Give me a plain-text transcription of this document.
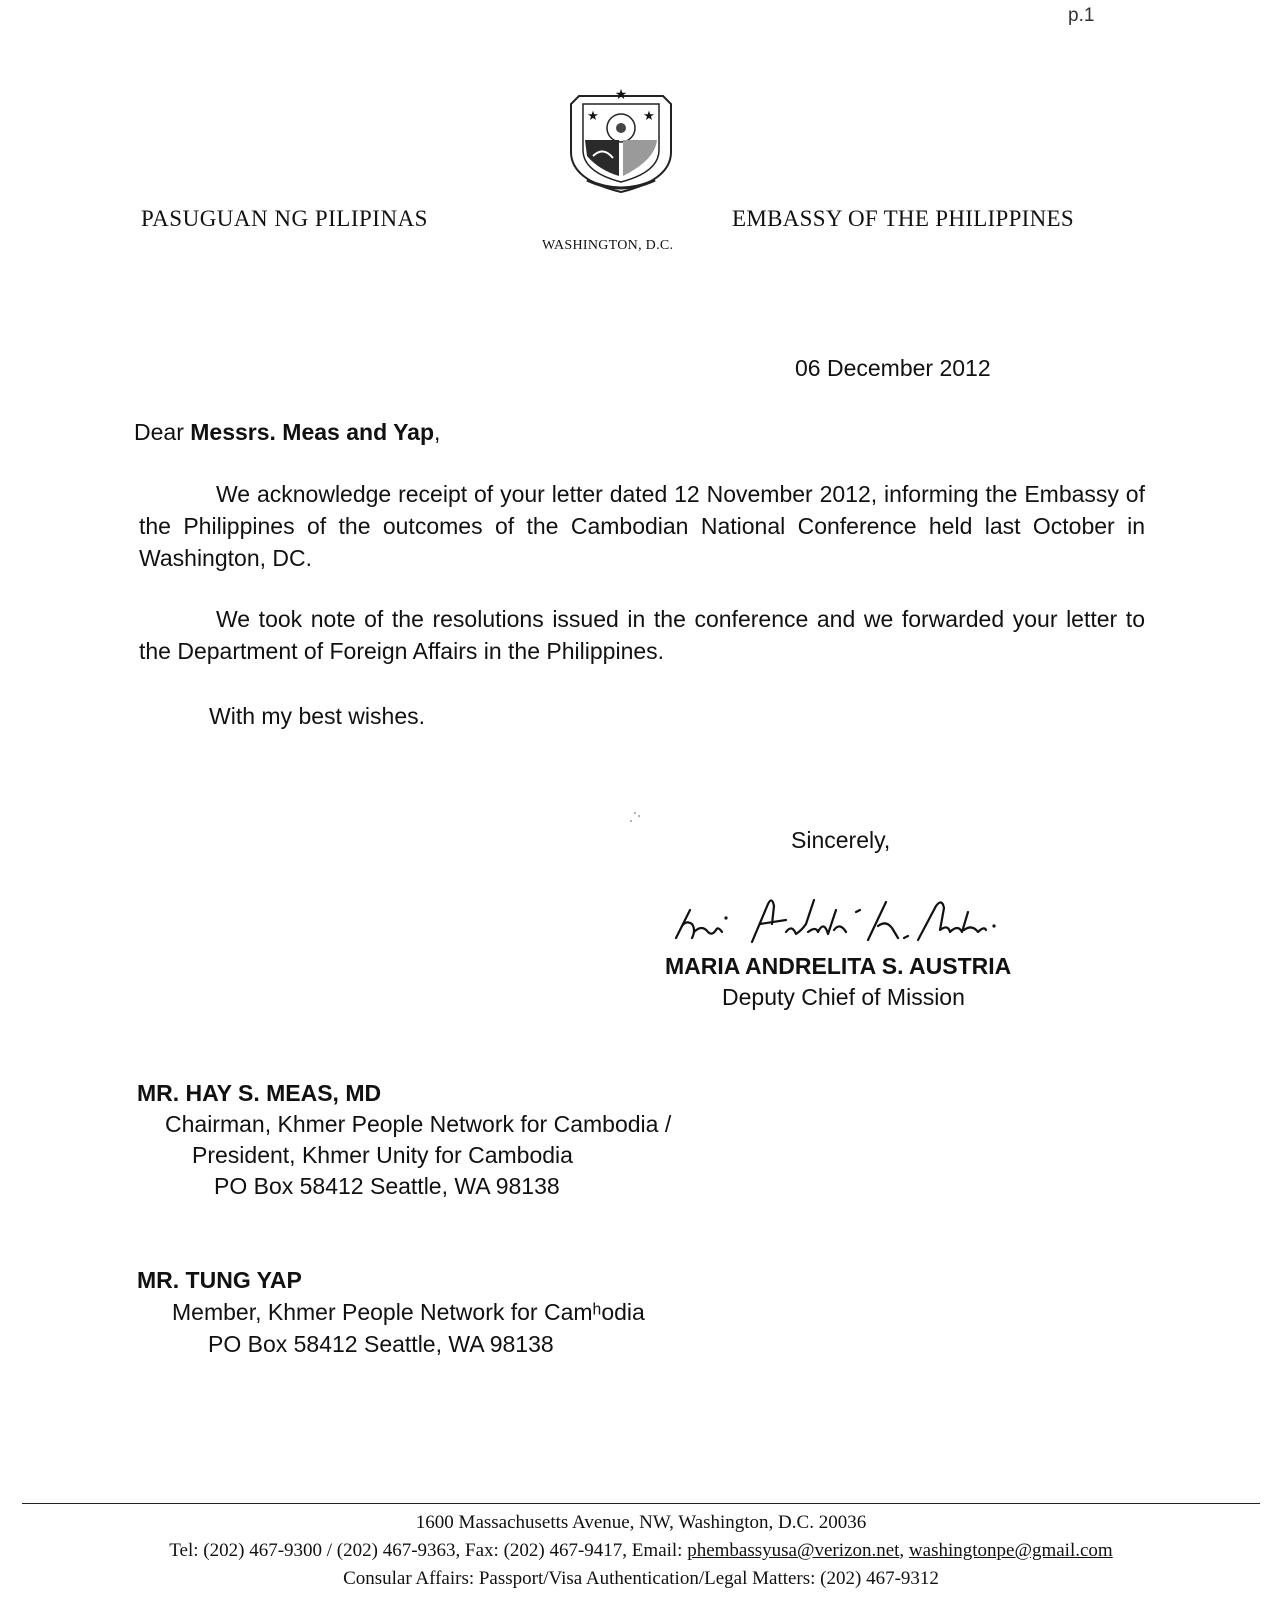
p.1
★
★	★
PASUGUAN NG PILIPINAS	EMBASSY OF THE PHILIPPINES
WASHINGTON, D.C.
06 December 2012
Dear Messrs. Meas and Yap,
We acknowledge receipt of your letter dated 12 November 2012, informing the Embassy of the Philippines of the outcomes of the Cambodian National Conference held last October in Washington, DC.
We took note of the resolutions issued in the conference and we forwarded your letter to the Department of Foreign Affairs in the Philippines.
With my best wishes.
Sincerely,
MARIA ANDRELITA S. AUSTRIA
Deputy Chief of Mission
MR. HAY S. MEAS, MD
Chairman, Khmer People Network for Cambodia /
President, Khmer Unity for Cambodia
PO Box 58412 Seattle, WA 98138
MR. TUNG YAP
Member, Khmer People Network for Camʰodia
PO Box 58412 Seattle, WA 98138
1600 Massachusetts Avenue, NW, Washington, D.C. 20036
Tel: (202) 467-9300 / (202) 467-9363, Fax: (202) 467-9417, Email: phembassyusa@verizon.net, washingtonpe@gmail.com
Consular Affairs: Passport/Visa Authentication/Legal Matters: (202) 467-9312
